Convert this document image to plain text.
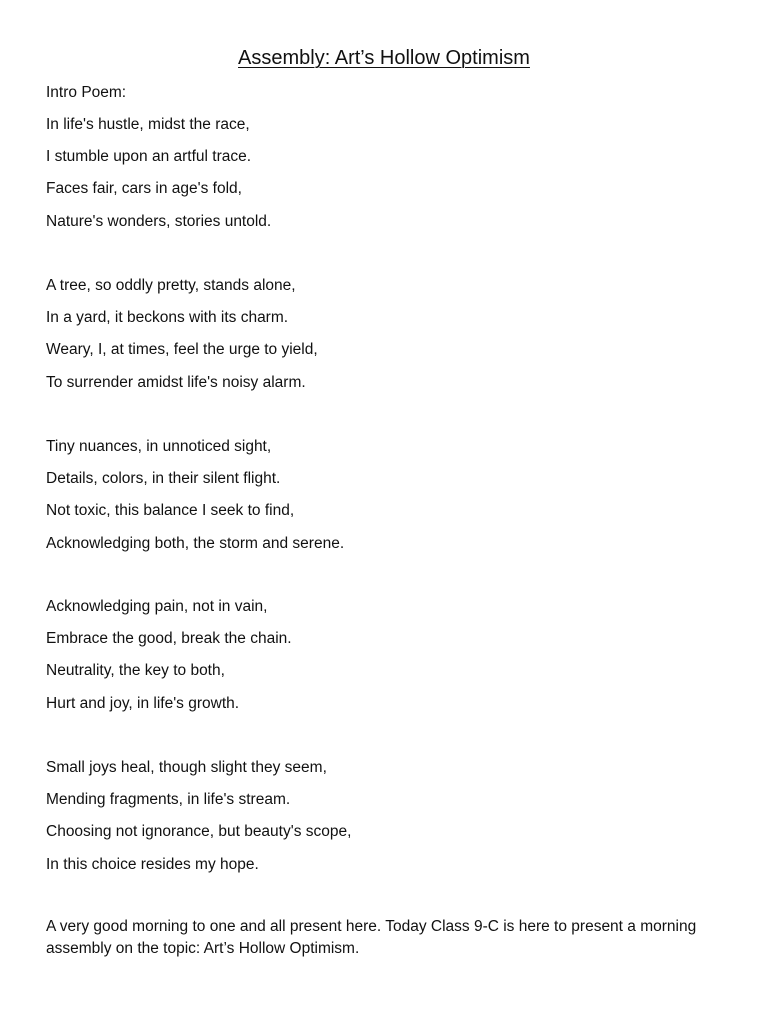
Assembly: Art’s Hollow Optimism
Intro Poem:
In life's hustle, midst the race,
I stumble upon an artful trace.
Faces fair, cars in age's fold,
Nature's wonders, stories untold.
A tree, so oddly pretty, stands alone,
In a yard, it beckons with its charm.
Weary, I, at times, feel the urge to yield,
To surrender amidst life's noisy alarm.
Tiny nuances, in unnoticed sight,
Details, colors, in their silent flight.
Not toxic, this balance I seek to find,
Acknowledging both, the storm and serene.
Acknowledging pain, not in vain,
Embrace the good, break the chain.
Neutrality, the key to both,
Hurt and joy, in life's growth.
Small joys heal, though slight they seem,
Mending fragments, in life's stream.
Choosing not ignorance, but beauty's scope,
In this choice resides my hope.
A very good morning to one and all present here. Today Class 9-C is here to present a morning assembly on the topic: Art’s Hollow Optimism.
